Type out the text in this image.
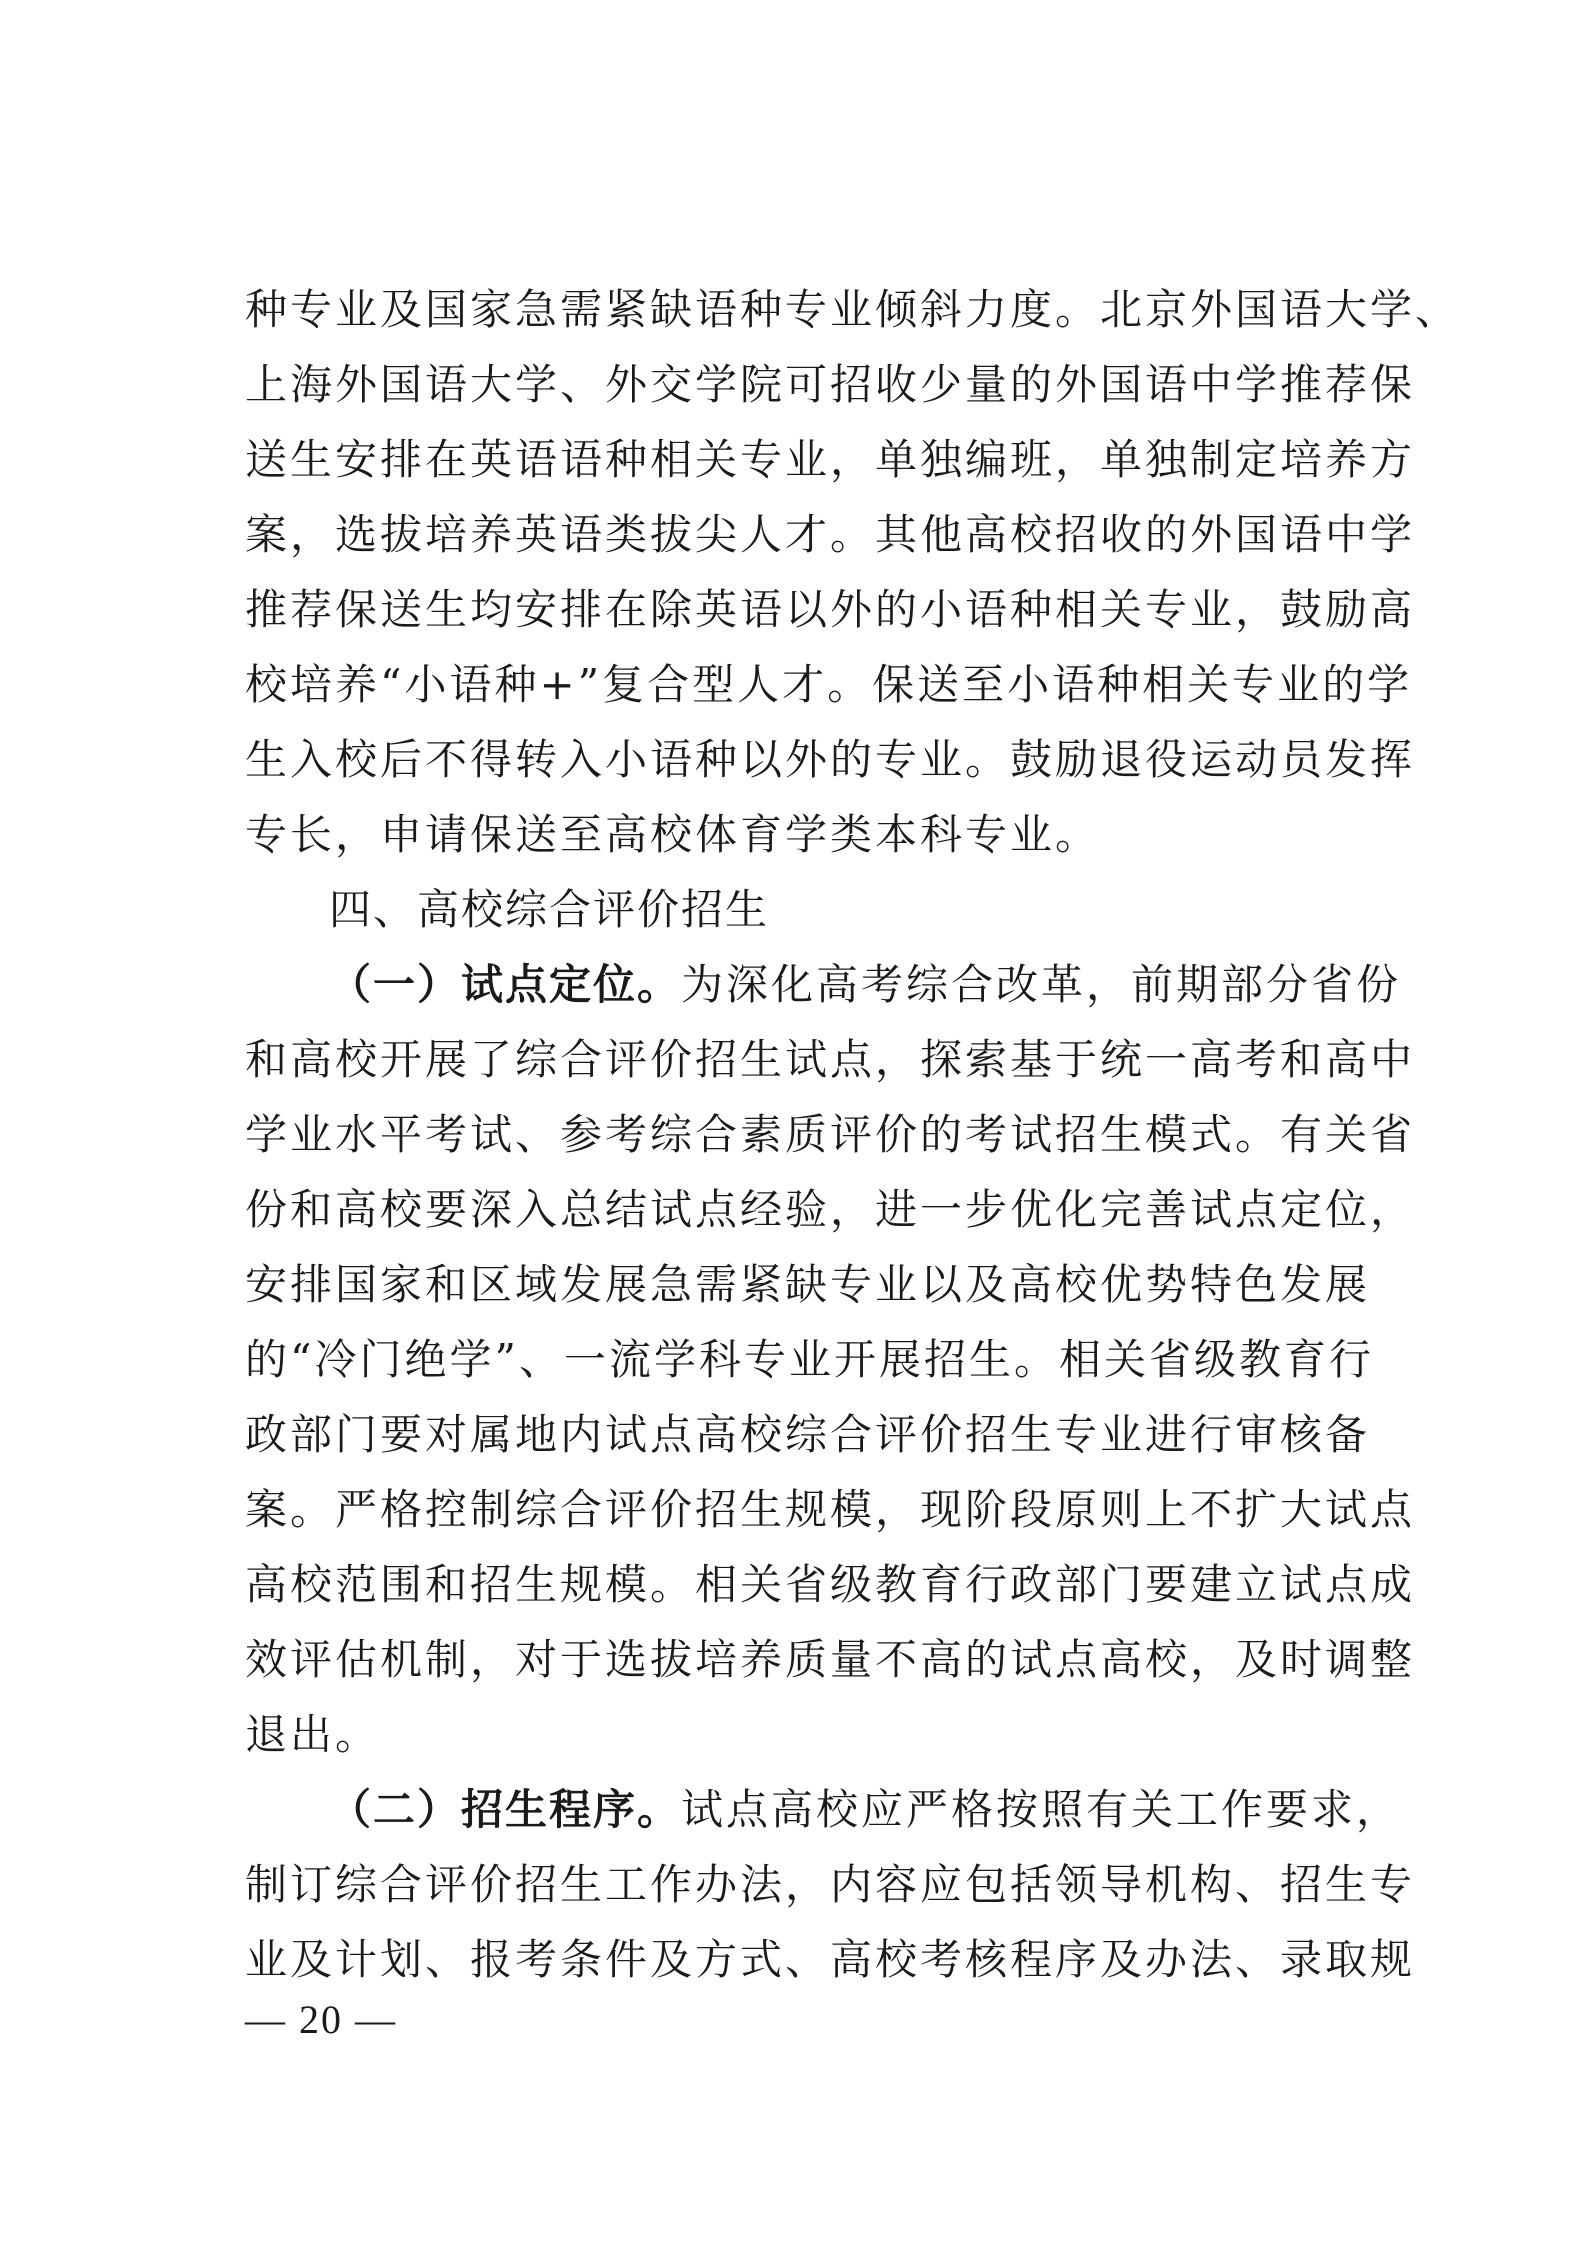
种专业及国家急需紧缺语种专业倾斜力度。北京外国语大学、
上海外国语大学、外交学院可招收少量的外国语中学推荐保
送生安排在英语语种相关专业，单独编班，单独制定培养方
案，选拔培养英语类拔尖人才。其他高校招收的外国语中学
推荐保送生均安排在除英语以外的小语种相关专业，鼓励高
校培养“小语种+”复合型人才。保送至小语种相关专业的学
生入校后不得转入小语种以外的专业。鼓励退役运动员发挥
专长，申请保送至高校体育学类本科专业。
四、高校综合评价招生
（一）试点定位。为深化高考综合改革，前期部分省份
和高校开展了综合评价招生试点，探索基于统一高考和高中
学业水平考试、参考综合素质评价的考试招生模式。有关省
份和高校要深入总结试点经验，进一步优化完善试点定位，
安排国家和区域发展急需紧缺专业以及高校优势特色发展
的“冷门绝学”、一流学科专业开展招生。相关省级教育行
政部门要对属地内试点高校综合评价招生专业进行审核备
案。严格控制综合评价招生规模，现阶段原则上不扩大试点
高校范围和招生规模。相关省级教育行政部门要建立试点成
效评估机制，对于选拔培养质量不高的试点高校，及时调整
退出。
（二）招生程序。试点高校应严格按照有关工作要求，
制订综合评价招生工作办法，内容应包括领导机构、招生专
业及计划、报考条件及方式、高校考核程序及办法、录取规
— 20 —
